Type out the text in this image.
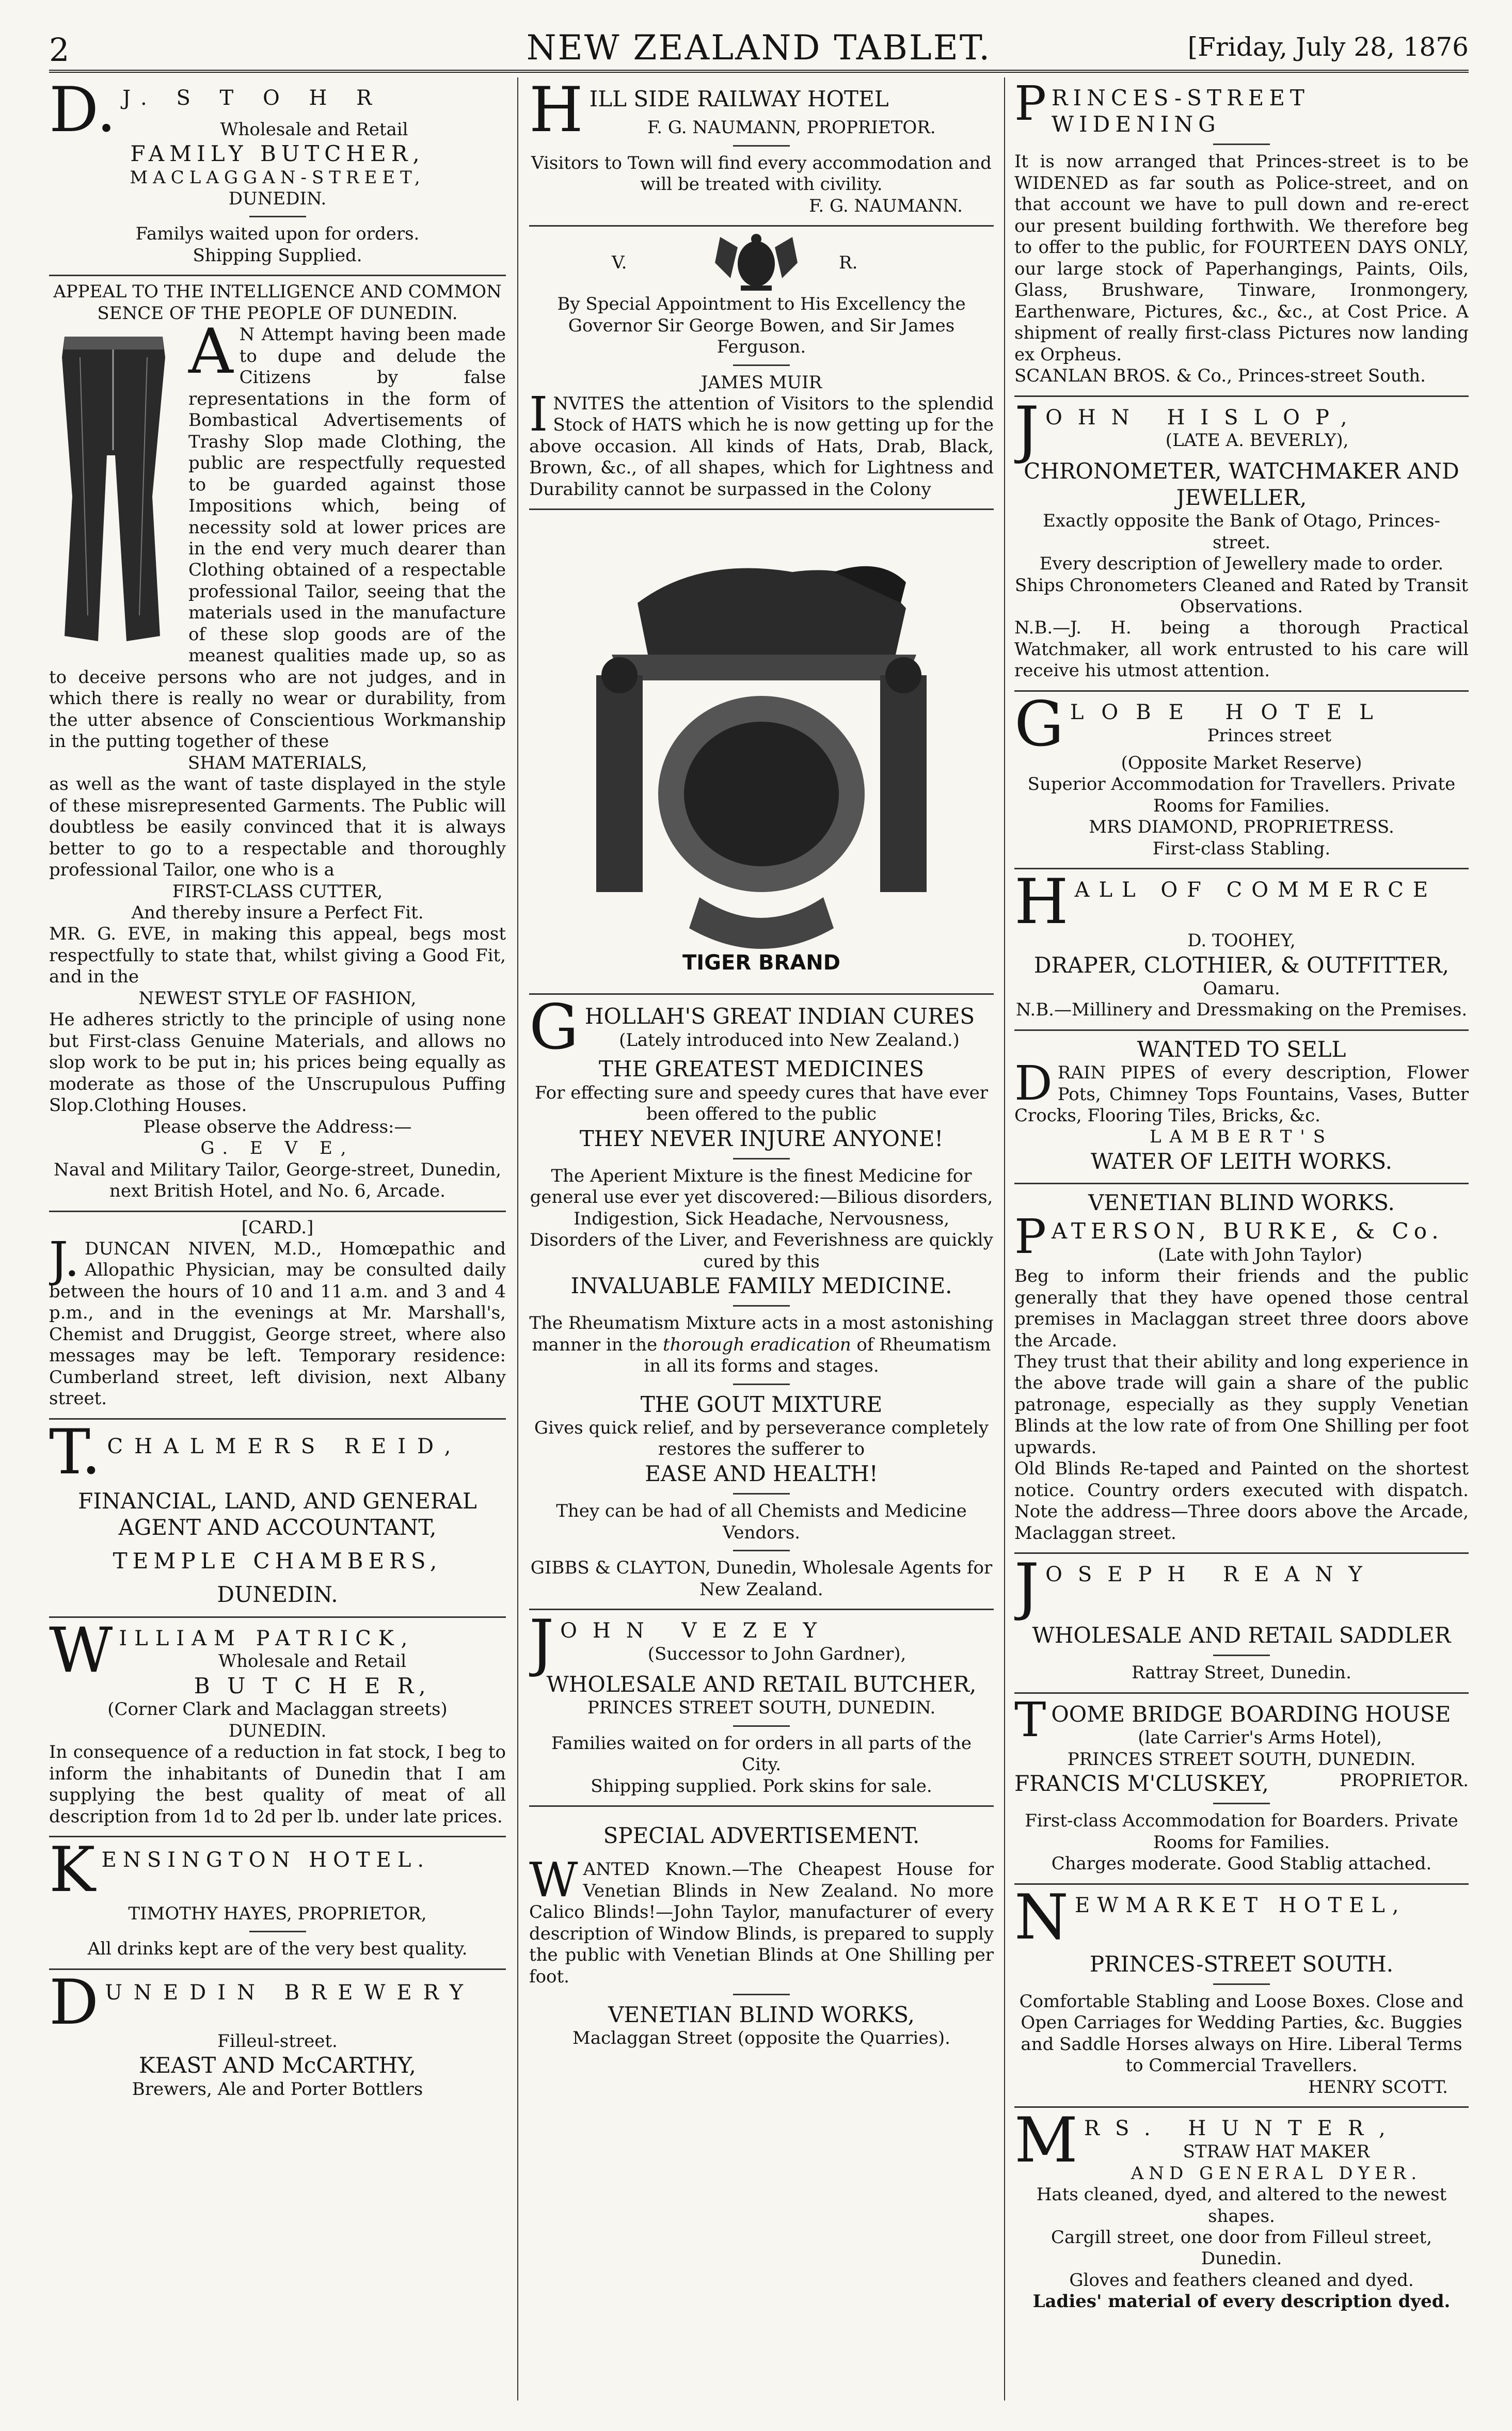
2	NEW ZEALAND TABLET.	[Friday, July 28, 1876
D. J. S T O H R
Wholesale and Retail
FAMILY BUTCHER,
MACLAGGAN-STREET,
DUNEDIN.
Familys waited upon for orders.
Shipping Supplied.
APPEAL TO THE INTELLIGENCE AND COMMON SENCE OF THE PEOPLE OF DUNEDIN.
A N Attempt having been made to dupe and delude the Citizens by false representations in the form of Bombastical Advertisements of Trashy Slop made Clothing, the public are respectfully requested to be guarded against those Impositions which, being of necessity sold at lower prices are in the end very much dearer than Clothing obtained of a respectable professional Tailor, seeing that the materials used in the manufacture of these slop goods are of the meanest qualities made up, so as to deceive persons who are not judges, and in which there is really no wear or durability, from the utter absence of Conscientious Workmanship in the putting together of these
SHAM MATERIALS,
as well as the want of taste displayed in the style of these misrepresented Garments. The Public will doubtless be easily convinced that it is always better to go to a respectable and thoroughly professional Tailor, one who is a
FIRST-CLASS CUTTER,
And thereby insure a Perfect Fit.
MR. G. EVE, in making this appeal, begs most respectfully to state that, whilst giving a Good Fit, and in the
NEWEST STYLE OF FASHION,
He adheres strictly to the principle of using none but First-class Genuine Materials, and allows no slop work to be put in; his prices being equally as moderate as those of the Unscrupulous Puffing Slop.Clothing Houses.
Please observe the Address:—
G. E V E,
Naval and Military Tailor, George-street, Dunedin, next British Hotel, and No. 6, Arcade.
[CARD.]
J. DUNCAN NIVEN, M.D., Homœpathic and Allopathic Physician, may be consulted daily between the hours of 10 and 11 a.m. and 3 and 4 p.m., and in the evenings at Mr. Marshall's, Chemist and Druggist, George street, where also messages may be left. Temporary residence: Cumberland street, left division, next Albany street.
T. CHALMERS REID,
FINANCIAL, LAND, AND GENERAL AGENT AND ACCOUNTANT,
TEMPLE CHAMBERS,
DUNEDIN.
W ILLIAM PATRICK,
Wholesale and Retail
B U T C H E R,
(Corner Clark and Maclaggan streets)
DUNEDIN.
In consequence of a reduction in fat stock, I beg to inform the inhabitants of Dunedin that I am supplying the best quality of meat of all description from 1d to 2d per lb. under late prices.
K ENSINGTON HOTEL.
TIMOTHY HAYES, PROPRIETOR,
All drinks kept are of the very best quality.
D UNEDIN BREWERY
Filleul-street.
KEAST AND McCARTHY,
Brewers, Ale and Porter Bottlers
H ILL SIDE RAILWAY HOTEL
F. G. NAUMANN, PROPRIETOR.
Visitors to Town will find every accommodation and will be treated with civility.
F. G. NAUMANN.
V.	R.
By Special Appointment to His Excellency the Governor Sir George Bowen, and Sir James Ferguson.
JAMES MUIR
INVITES the attention of Visitors to the splendid Stock of HATS which he is now getting up for the above occasion. All kinds of Hats, Drab, Black, Brown, &c., of all shapes, which for Lightness and Durability cannot be surpassed in the Colony
TIGER BRAND
G HOLLAH'S GREAT INDIAN CURES
(Lately introduced into New Zealand.)
THE GREATEST MEDICINES
For effecting sure and speedy cures that have ever been offered to the public
THEY NEVER INJURE ANYONE!
The Aperient Mixture is the finest Medicine for general use ever yet discovered:—Bilious disorders, Indigestion, Sick Headache, Nervousness, Disorders of the Liver, and Feverishness are quickly cured by this
INVALUABLE FAMILY MEDICINE.
The Rheumatism Mixture acts in a most astonishing manner in the thorough eradication of Rheumatism in all its forms and stages.
THE GOUT MIXTURE
Gives quick relief, and by perseverance completely restores the sufferer to
EASE AND HEALTH!
They can be had of all Chemists and Medicine Vendors.
GIBBS & CLAYTON, Dunedin, Wholesale Agents for New Zealand.
J OHN VEZEY
(Successor to John Gardner),
WHOLESALE AND RETAIL BUTCHER,
PRINCES STREET SOUTH, DUNEDIN.
Families waited on for orders in all parts of the City.
Shipping supplied. Pork skins for sale.
SPECIAL ADVERTISEMENT.
WANTED Known.—The Cheapest House for Venetian Blinds in New Zealand. No more Calico Blinds!—John Taylor, manufacturer of every description of Window Blinds, is prepared to supply the public with Venetian Blinds at One Shilling per foot.
VENETIAN BLIND WORKS,
Maclaggan Street (opposite the Quarries).
P RINCES-STREET WIDENING
It is now arranged that Princes-street is to be WIDENED as far south as Police-street, and on that account we have to pull down and re-erect our present building forthwith. We therefore beg to offer to the public, for FOURTEEN DAYS ONLY, our large stock of Paperhangings, Paints, Oils, Glass, Brushware, Tinware, Ironmongery, Earthenware, Pictures, &c., &c., at Cost Price. A shipment of really first-class Pictures now landing ex Orpheus.
SCANLAN BROS. & Co., Princes-street South.
J OHN HISLOP,
(LATE A. BEVERLY),
CHRONOMETER, WATCHMAKER AND JEWELLER,
Exactly opposite the Bank of Otago, Princes-street.
Every description of Jewellery made to order. Ships Chronometers Cleaned and Rated by Transit Observations.
N.B.—J. H. being a thorough Practical Watchmaker, all work entrusted to his care will receive his utmost attention.
G LOBE HOTEL
Princes street
(Opposite Market Reserve)
Superior Accommodation for Travellers. Private Rooms for Families.
MRS DIAMOND, PROPRIETRESS.
First-class Stabling.
H ALL OF COMMERCE
D. TOOHEY,
DRAPER, CLOTHIER, & OUTFITTER,
Oamaru.
N.B.—Millinery and Dressmaking on the Premises.
WANTED TO SELL
DRAIN PIPES of every description, Flower Pots, Chimney Tops Fountains, Vases, Butter Crocks, Flooring Tiles, Bricks, &c.
LAMBERT'S
WATER OF LEITH WORKS.
VENETIAN BLIND WORKS.
P ATERSON, BURKE, & Co.
(Late with John Taylor)
Beg to inform their friends and the public generally that they have opened those central premises in Maclaggan street three doors above the Arcade.
They trust that their ability and long experience in the above trade will gain a share of the public patronage, especially as they supply Venetian Blinds at the low rate of from One Shilling per foot upwards.
Old Blinds Re-taped and Painted on the shortest notice. Country orders executed with dispatch. Note the address—Three doors above the Arcade, Maclaggan street.
J OSEPH REANY
WHOLESALE AND RETAIL SADDLER
Rattray Street, Dunedin.
T OOME BRIDGE BOARDING HOUSE
(late Carrier's Arms Hotel),
PRINCES STREET SOUTH, DUNEDIN.
FRANCIS M'CLUSKEY,	PROPRIETOR.
First-class Accommodation for Boarders. Private Rooms for Families.
Charges moderate. Good Stablig attached.
N EWMARKET HOTEL,
PRINCES-STREET SOUTH.
Comfortable Stabling and Loose Boxes. Close and Open Carriages for Wedding Parties, &c. Buggies and Saddle Horses always on Hire. Liberal Terms to Commercial Travellers.
HENRY SCOTT.
M RS. HUNTER,
STRAW HAT MAKER
AND GENERAL DYER.
Hats cleaned, dyed, and altered to the newest shapes.
Cargill street, one door from Filleul street, Dunedin.
Gloves and feathers cleaned and dyed.
Ladies' material of every description dyed.
